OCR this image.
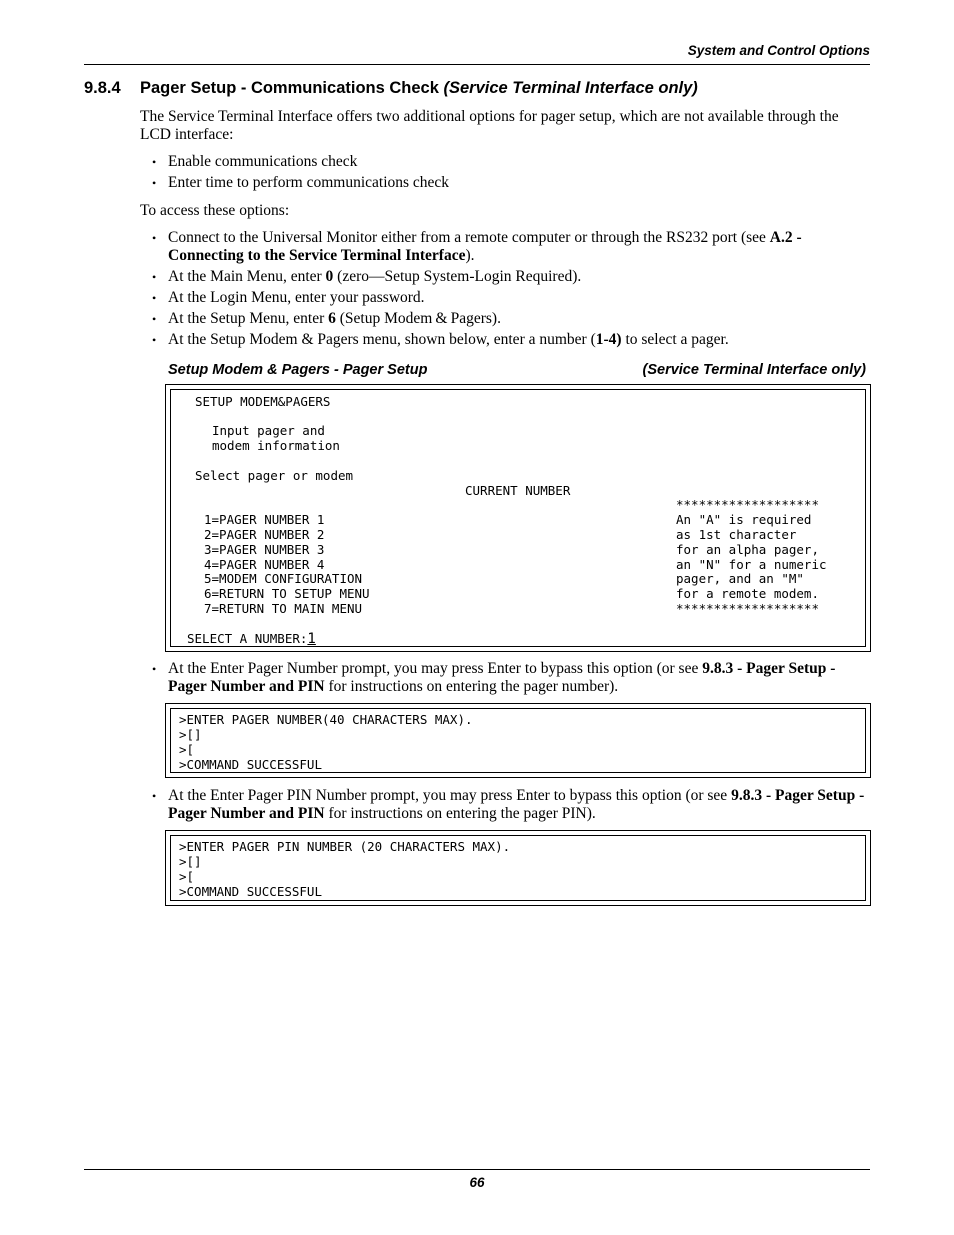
System and Control Options
9.8.4 Pager Setup - Communications Check (Service Terminal Interface only)
The Service Terminal Interface offers two additional options for pager setup, which are not available through the LCD interface:
• Enable communications check
• Enter time to perform communications check
To access these options:
• Connect to the Universal Monitor either from a remote computer or through the RS232 port (see A.2 - Connecting to the Service Terminal Interface).
• At the Main Menu, enter 0 (zero—Setup System-Login Required).
• At the Login Menu, enter your password.
• At the Setup Menu, enter 6 (Setup Modem & Pagers).
• At the Setup Modem & Pagers menu, shown below, enter a number (1-4) to select a pager.
Setup Modem & Pagers - Pager Setup	(Service Terminal Interface only)

SETUP MODEM&PAGERS

Input pager and

modem information

Select pager or modem

CURRENT NUMBER

*******************

1=PAGER NUMBER 1

2=PAGER NUMBER 2

3=PAGER NUMBER 3

4=PAGER NUMBER 4

5=MODEM CONFIGURATION

6=RETURN TO SETUP MENU

7=RETURN TO MAIN MENU

An "A" is required

as 1st character

for an alpha pager,

an "N" for a numeric

pager, and an "M"

for a remote modem.

*******************

SELECT A NUMBER:1

• At the Enter Pager Number prompt, you may press Enter to bypass this option (or see 9.8.3 - Pager Setup - Pager Number and PIN for instructions on entering the pager number).

>ENTER PAGER NUMBER(40 CHARACTERS MAX).

>[]

>[

>COMMAND SUCCESSFUL

• At the Enter Pager PIN Number prompt, you may press Enter to bypass this option (or see 9.8.3 - Pager Setup - Pager Number and PIN for instructions on entering the pager PIN).

>ENTER PAGER PIN NUMBER (20 CHARACTERS MAX).

>[]

>[

>COMMAND SUCCESSFUL

66
